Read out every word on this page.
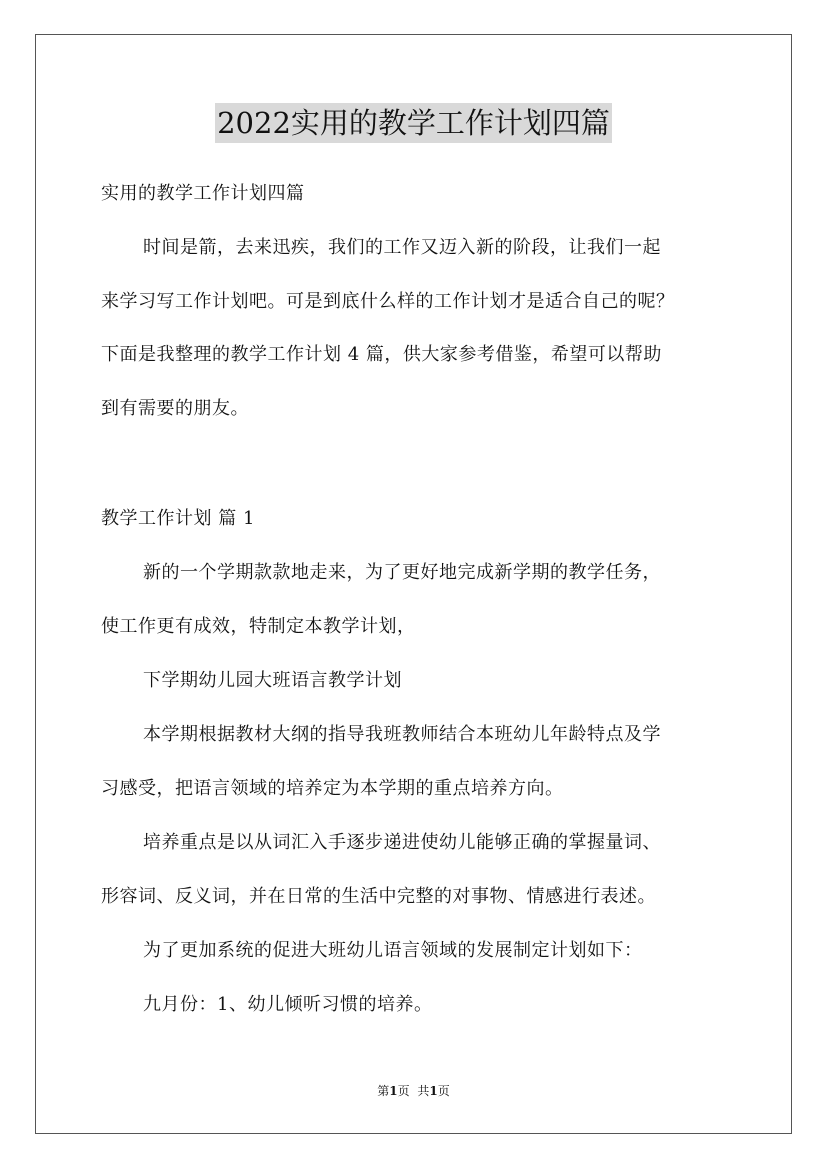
2022实用的教学工作计划四篇
实用的教学工作计划四篇
时间是箭，去来迅疾，我们的工作又迈入新的阶段，让我们一起
来学习写工作计划吧。可是到底什么样的工作计划才是适合自己的呢？
下面是我整理的教学工作计划 4 篇，供大家参考借鉴，希望可以帮助
到有需要的朋友。
教学工作计划 篇 1
新的一个学期款款地走来，为了更好地完成新学期的教学任务，
使工作更有成效，特制定本教学计划，
下学期幼儿园大班语言教学计划
本学期根据教材大纲的指导我班教师结合本班幼儿年龄特点及学
习感受，把语言领域的培养定为本学期的重点培养方向。
培养重点是以从词汇入手逐步递进使幼儿能够正确的掌握量词、
形容词、反义词，并在日常的生活中完整的对事物、情感进行表述。
为了更加系统的促进大班幼儿语言领域的发展制定计划如下：
九月份：1、幼儿倾听习惯的培养。
第1页 共1页
